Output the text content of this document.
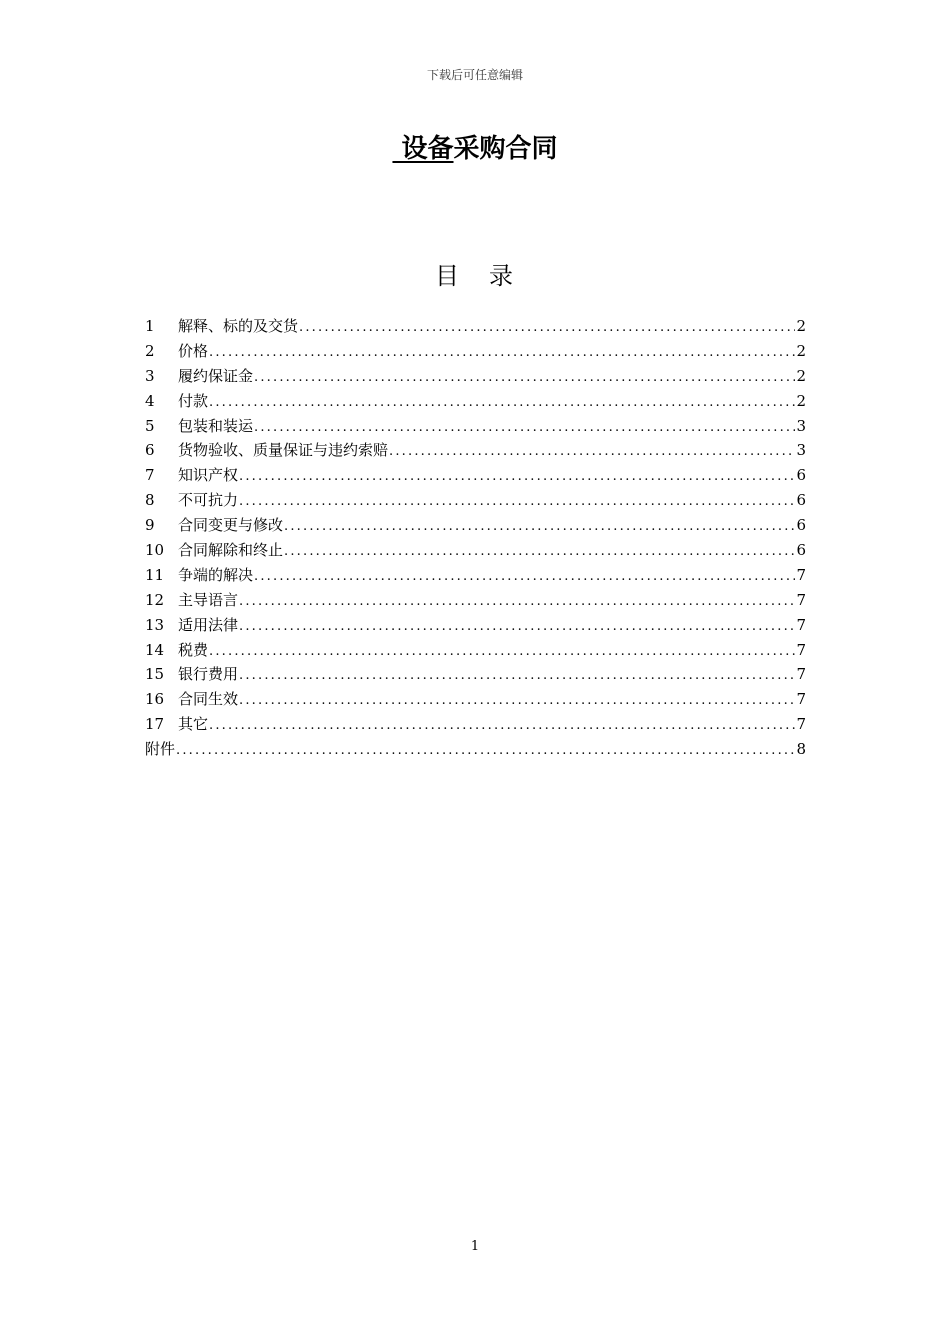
下载后可任意编辑
设备采购合同
目 录
1	解释、标的及交货 .....	2
2	价格 .....	2
3	履约保证金 .....	2
4	付款 .....	2
5	包装和装运 .....	3
6	货物验收、质量保证与违约索赔 .....	3
7	知识产权 .....	6
8	不可抗力 .....	6
9	合同变更与修改 .....	6
10 合同解除和终止 .....	6
11 争端的解决 .....	7
12 主导语言 .....	7
13 适用法律 .....	7
14 税费 .....	7
15 银行费用 .....	7
16 合同生效 .....	7
17 其它 .....	7
附件 .....	8
1
